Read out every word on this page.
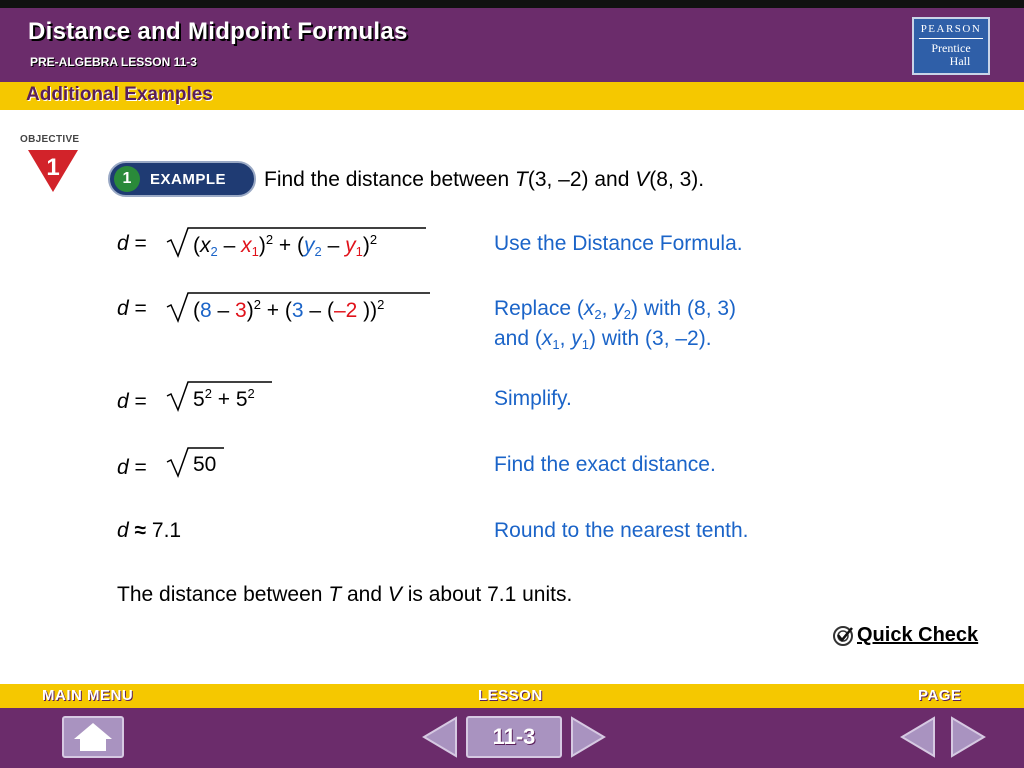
Distance and Midpoint Formulas
PRE-ALGEBRA LESSON 11-3
PEARSON
Prentice
Hall
Additional Examples
OBJECTIVE
1	1	EXAMPLE Find the distance between T(3, –2) and V(8, 3).
$d = (x_2 - x_1)^2 + (y_2 - y_1)^2$	Use the Distance Formula.
d = (8 – 3)$^2$ + (3 – (–2 ))$^2$	Replace ($x_2$, $y_2$) with (8, 3)
and ($x_1$, $y_1$) with (3, –2).
$d = 5^2 + 5^2$	Simplify.
d = 50	Find the exact distance.
d ≈ 7.1	Round to the nearest tenth.
The distance between T and V is about 7.1 units.
Quick Check
MAIN MENU	LESSON	PAGE
11-3
